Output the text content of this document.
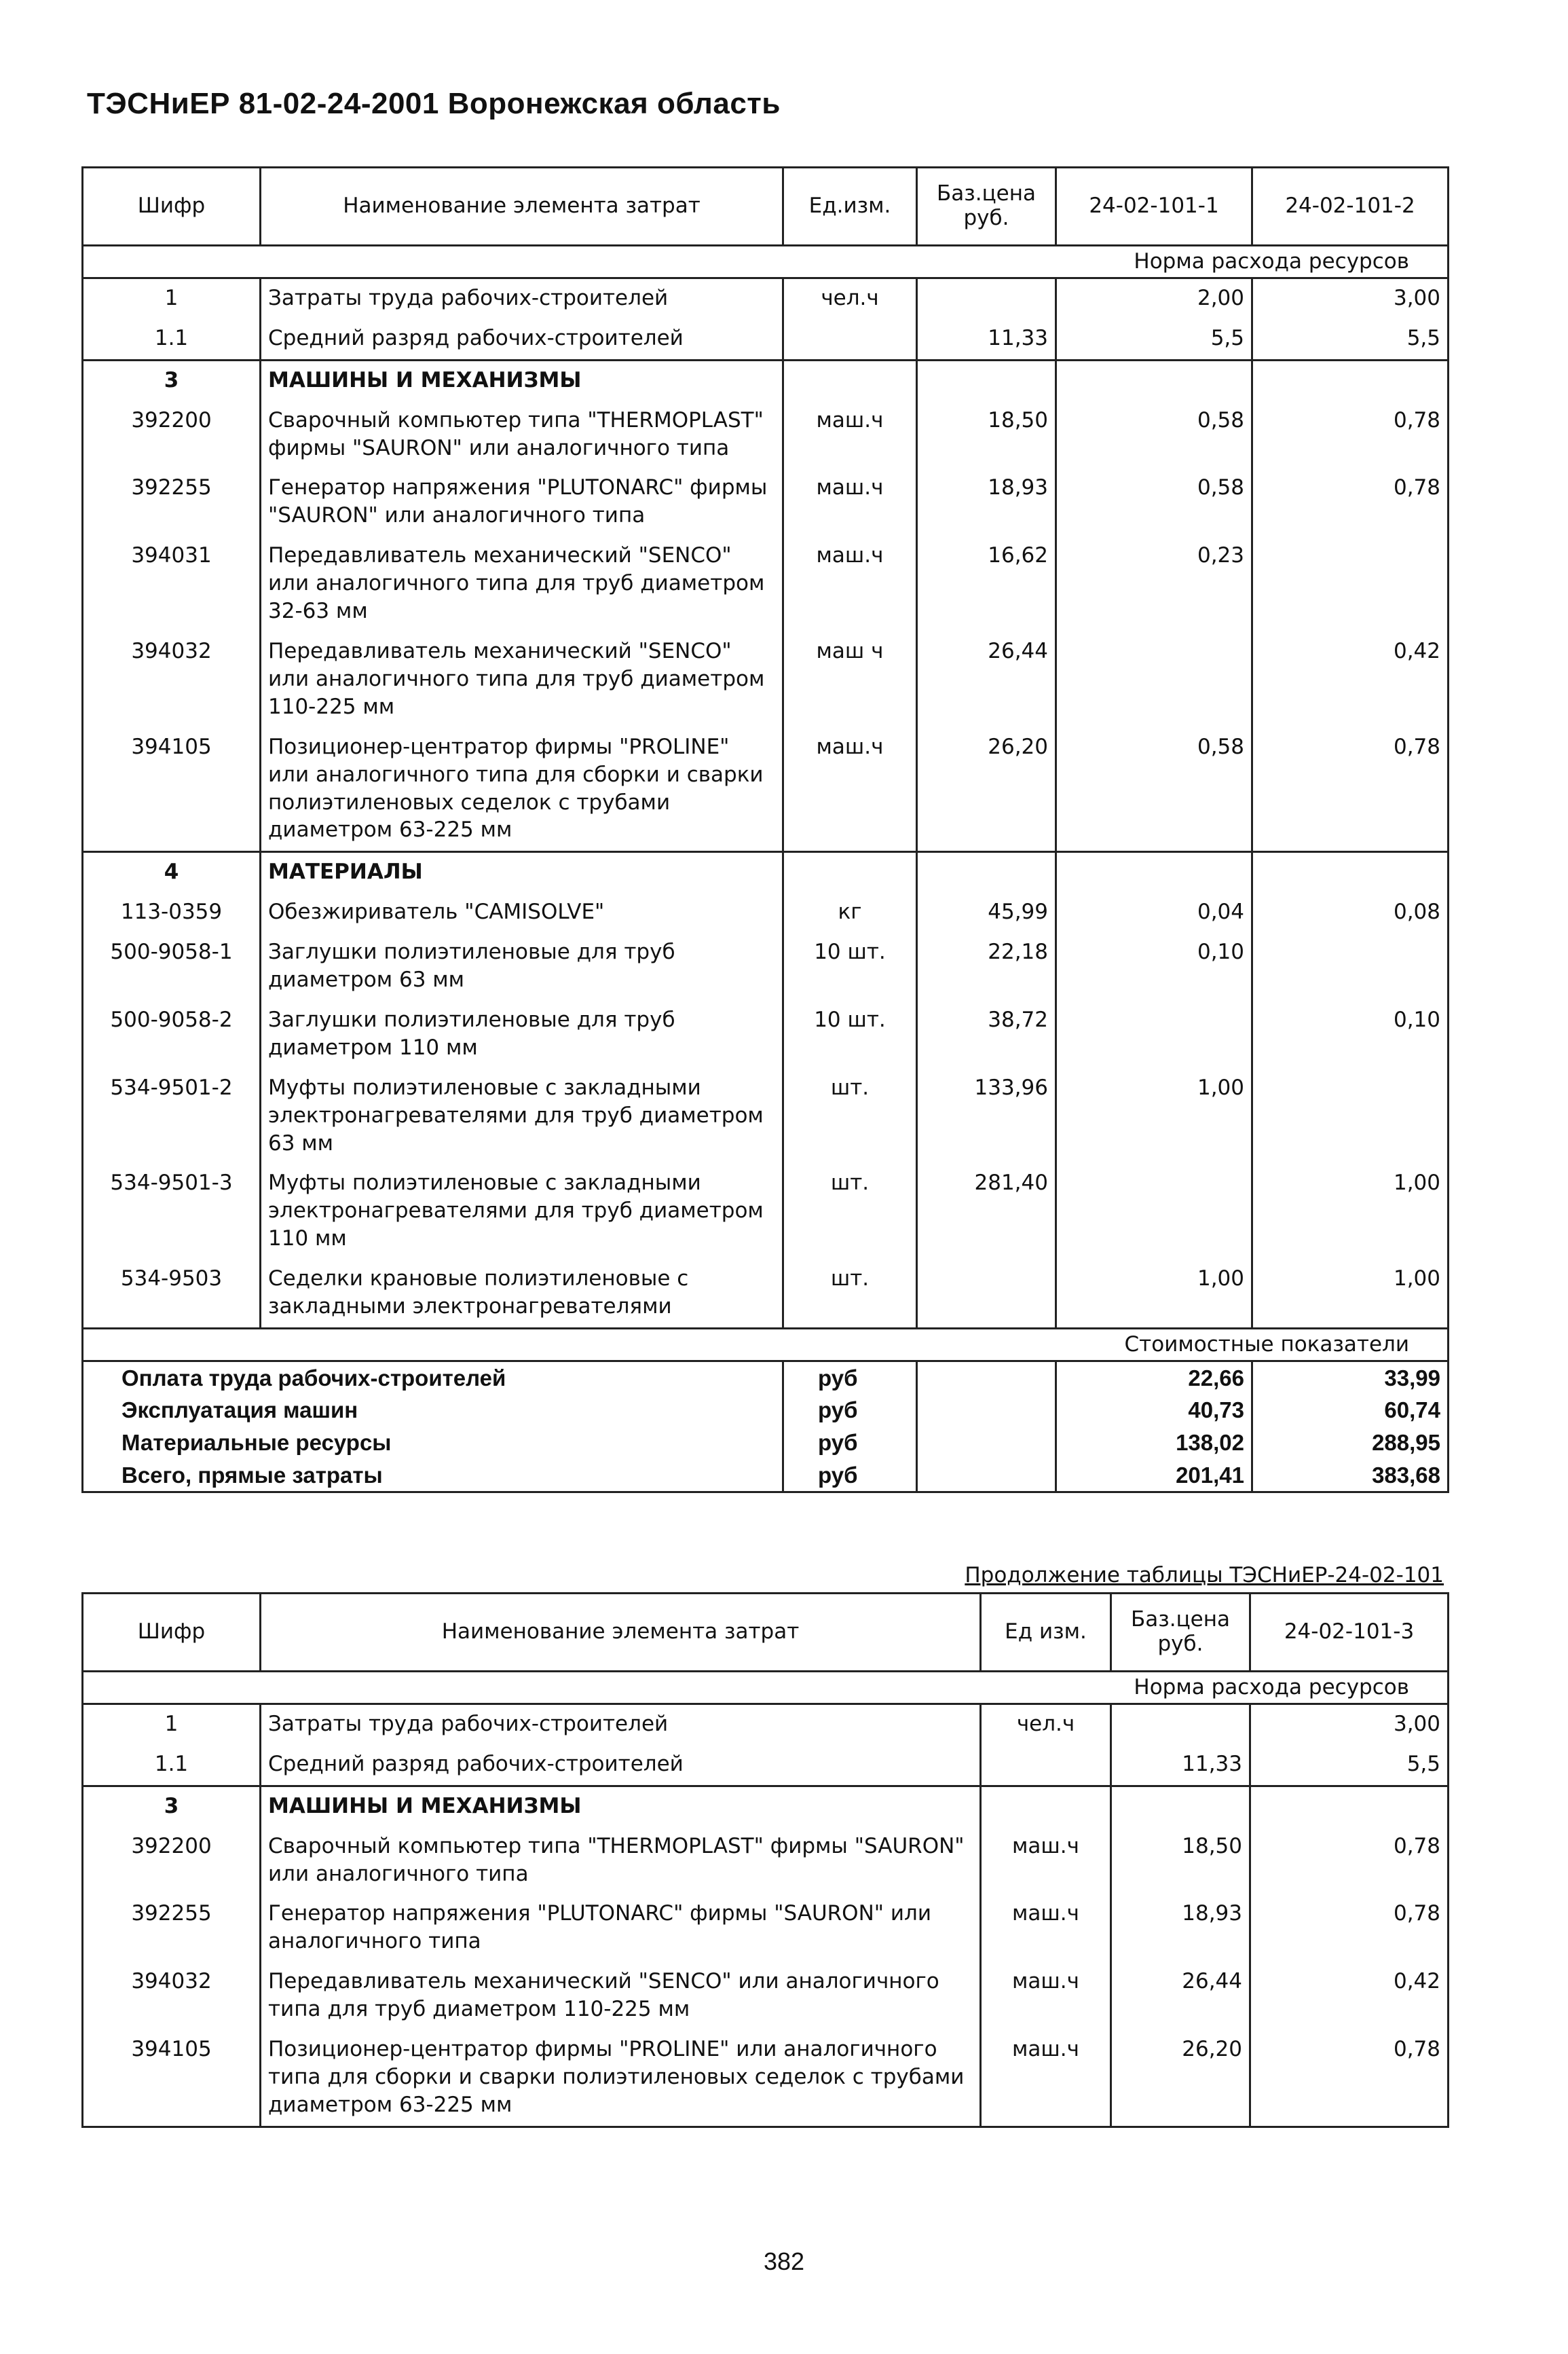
ТЭСНиЕР 81-02-24-2001 Воронежская область
Шифр	Наименование элемента затрат	Ед.изм.	Баз.цена руб.	24-02-101-1	24-02-101-2
Норма расхода ресурсов					
1	Затраты труда рабочих-строителей	чел.ч		2,00	3,00
1.1	Средний разряд рабочих-строителей		11,33	5,5	5,5
3	МАШИНЫ И МЕХАНИЗМЫ				
392200	Сварочный компьютер типа "THERMOPLAST" фирмы "SAURON" или аналогичного типа	маш.ч	18,50	0,58	0,78
392255	Генератор напряжения "PLUTONARC" фирмы "SAURON" или аналогичного типа	маш.ч	18,93	0,58	0,78
394031	Передавливатель механический "SENCO" или аналогичного типа для труб диаметром 32-63 мм	маш.ч	16,62	0,23	
394032	Передавливатель механический "SENCO" или аналогичного типа для труб диаметром 110-225 мм	маш ч	26,44		0,42
394105	Позиционер-центратор фирмы "PROLINE" или аналогичного типа для сборки и сварки полиэтиленовых седелок с трубами диаметром 63-225 мм	маш.ч	26,20	0,58	0,78
4	МАТЕРИАЛЫ				
113-0359	Обезжириватель "CAMISOLVE"	кг	45,99	0,04	0,08
500-9058-1	Заглушки полиэтиленовые для труб диаметром 63 мм	10 шт.	22,18	0,10	
500-9058-2	Заглушки полиэтиленовые для труб диаметром 110 мм	10 шт.	38,72		0,10
534-9501-2	Муфты полиэтиленовые с закладными электронагревателями для труб диаметром 63 мм	шт.	133,96	1,00	
534-9501-3	Муфты полиэтиленовые с закладными электронагревателями для труб диаметром 110 мм	шт.	281,40		1,00
534-9503	Седелки крановые полиэтиленовые с закладными электронагревателями	шт.		1,00	1,00
Стоимостные показатели					
Оплата труда рабочих-строителей		руб		22,66	33,99
Эксплуатация машин		руб		40,73	60,74
Материальные ресурсы		руб		138,02	288,95
Всего, прямые затраты		руб		201,41	383,68
Продолжение таблицы ТЭСНиЕР-24-02-101
Шифр	Наименование элемента затрат	Ед изм.	Баз.цена руб.	24-02-101-3
Норма расхода ресурсов				
1	Затраты труда рабочих-строителей	чел.ч		3,00
1.1	Средний разряд рабочих-строителей		11,33	5,5
3	МАШИНЫ И МЕХАНИЗМЫ			
392200	Сварочный компьютер типа "THERMOPLAST" фирмы "SAURON" или аналогичного типа	маш.ч	18,50	0,78
392255	Генератор напряжения "PLUTONARC" фирмы "SAURON" или аналогичного типа	маш.ч	18,93	0,78
394032	Передавливатель механический "SENCO" или аналогичного типа для труб диаметром 110-225 мм	маш.ч	26,44	0,42
394105	Позиционер-центратор фирмы "PROLINE" или аналогичного типа для сборки и сварки полиэтиленовых седелок с трубами диаметром 63-225 мм	маш.ч	26,20	0,78
382
